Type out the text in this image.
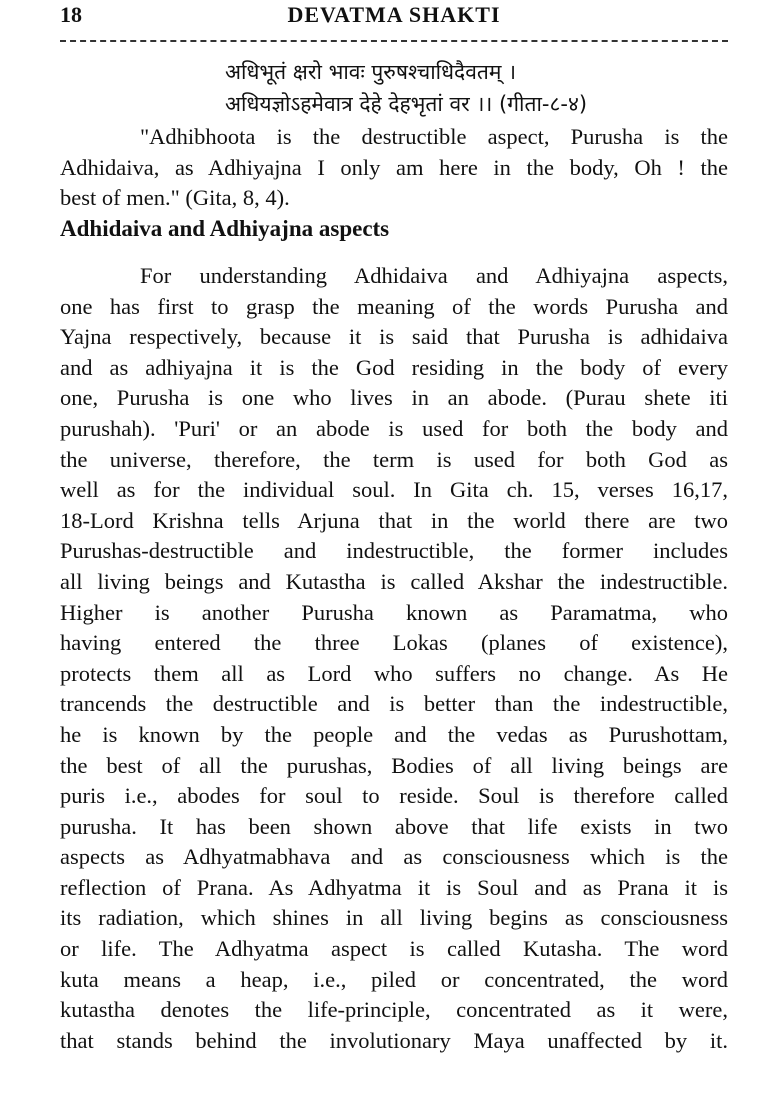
18	DEVATMA SHAKTI
अधिभूतं क्षरो भावः पुरुषश्चाधिदैवतम् ।
अधियज्ञोऽहमेवात्र देहे देहभृतां वर ।। (गीता-८-४)
"Adhibhoota is the destructible aspect, Purusha is the
Adhidaiva, as Adhiyajna I only am here in the body, Oh ! the
best of men." (Gita, 8, 4).
Adhidaiva and Adhiyajna aspects
For understanding Adhidaiva and Adhiyajna aspects,
one has first to grasp the meaning of the words Purusha and
Yajna respectively, because it is said that Purusha is adhidaiva
and as adhiyajna it is the God residing in the body of every
one, Purusha is one who lives in an abode. (Purau shete iti
purushah). 'Puri' or an abode is used for both the body and
the universe, therefore, the term is used for both God as
well as for the individual soul. In Gita ch. 15, verses 16,17,
18-Lord Krishna tells Arjuna that in the world there are two
Purushas-destructible and indestructible, the former includes
all living beings and Kutastha is called Akshar the indestructible.
Higher is another Purusha known as Paramatma, who
having entered the three Lokas (planes of existence),
protects them all as Lord who suffers no change. As He
trancends the destructible and is better than the indestructible,
he is known by the people and the vedas as Purushottam,
the best of all the purushas, Bodies of all living beings are
puris i.e., abodes for soul to reside. Soul is therefore called
purusha. It has been shown above that life exists in two
aspects as Adhyatmabhava and as consciousness which is the
reflection of Prana. As Adhyatma it is Soul and as Prana it is
its radiation, which shines in all living begins as consciousness
or life. The Adhyatma aspect is called Kutasha. The word
kuta means a heap, i.e., piled or concentrated, the word
kutastha denotes the life-principle, concentrated as it were,
that stands behind the involutionary Maya unaffected by it.
